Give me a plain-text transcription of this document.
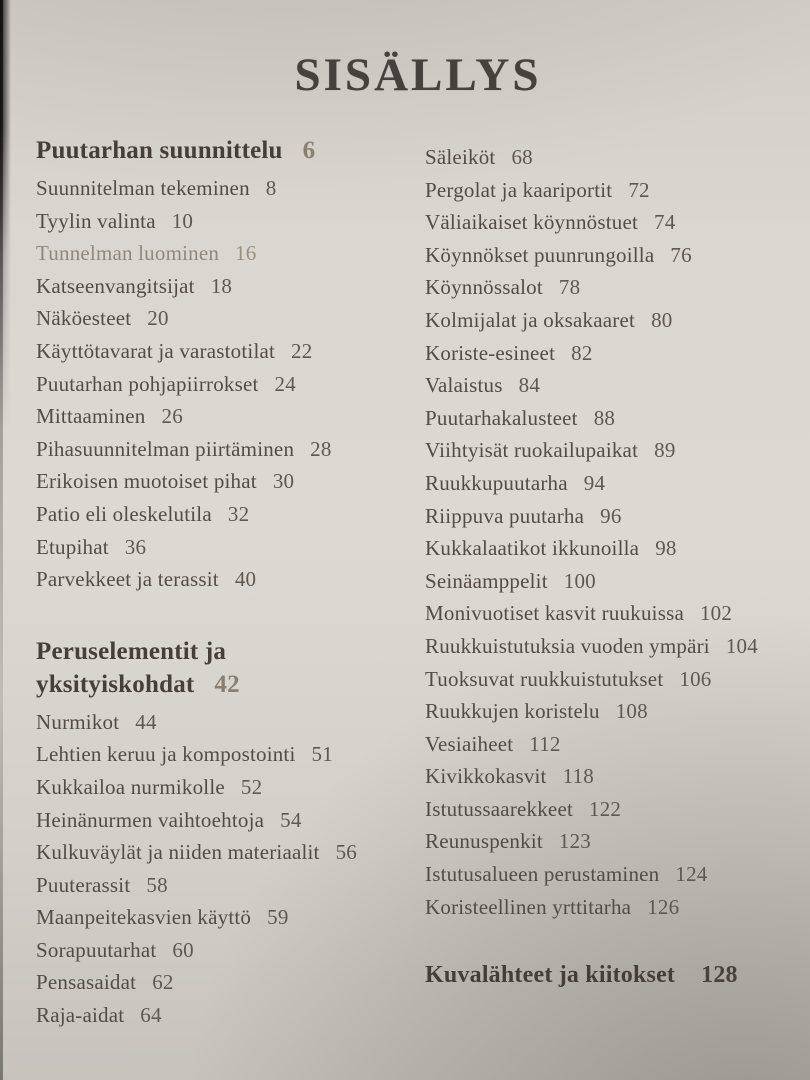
SISÄLLYS
Puutarhan suunnittelu 6
Suunnitelman tekeminen 8
Tyylin valinta 10
Tunnelman luominen 16
Katseenvangitsijat 18
Näköesteet 20
Käyttötavarat ja varastotilat 22
Puutarhan pohjapiirrokset 24
Mittaaminen 26
Pihasuunnitelman piirtäminen 28
Erikoisen muotoiset pihat 30
Patio eli oleskelutila 32
Etupihat 36
Parvekkeet ja terassit 40
Peruselementit ja yksityiskohdat 42
Nurmikot 44
Lehtien keruu ja kompostointi 51
Kukkailoa nurmikolle 52
Heinänurmen vaihtoehtoja 54
Kulkuväylät ja niiden materiaalit 56
Puuterassit 58
Maanpeitekasvien käyttö 59
Sorapuutarhat 60
Pensasaidat 62
Raja-aidat 64
Säleiköt 68
Pergolat ja kaariportit 72
Väliaikaiset köynnöstuet 74
Köynnökset puunrungoilla 76
Köynnössalot 78
Kolmijalat ja oksakaaret 80
Koriste-esineet 82
Valaistus 84
Puutarhakalusteet 88
Viihtyisät ruokailupaikat 89
Ruukkupuutarha 94
Riippuva puutarha 96
Kukkalaatikot ikkunoilla 98
Seinäamppelit 100
Monivuotiset kasvit ruukuissa 102
Ruukkuistutuksia vuoden ympäri 104
Tuoksuvat ruukkuistutukset 106
Ruukkujen koristelu 108
Vesiaiheet 112
Kivikkokasvit 118
Istutussaarekkeet 122
Reunuspenkit 123
Istutusalueen perustaminen 124
Koristeellinen yrttitarha 126
Kuvalähteet ja kiitokset 128
